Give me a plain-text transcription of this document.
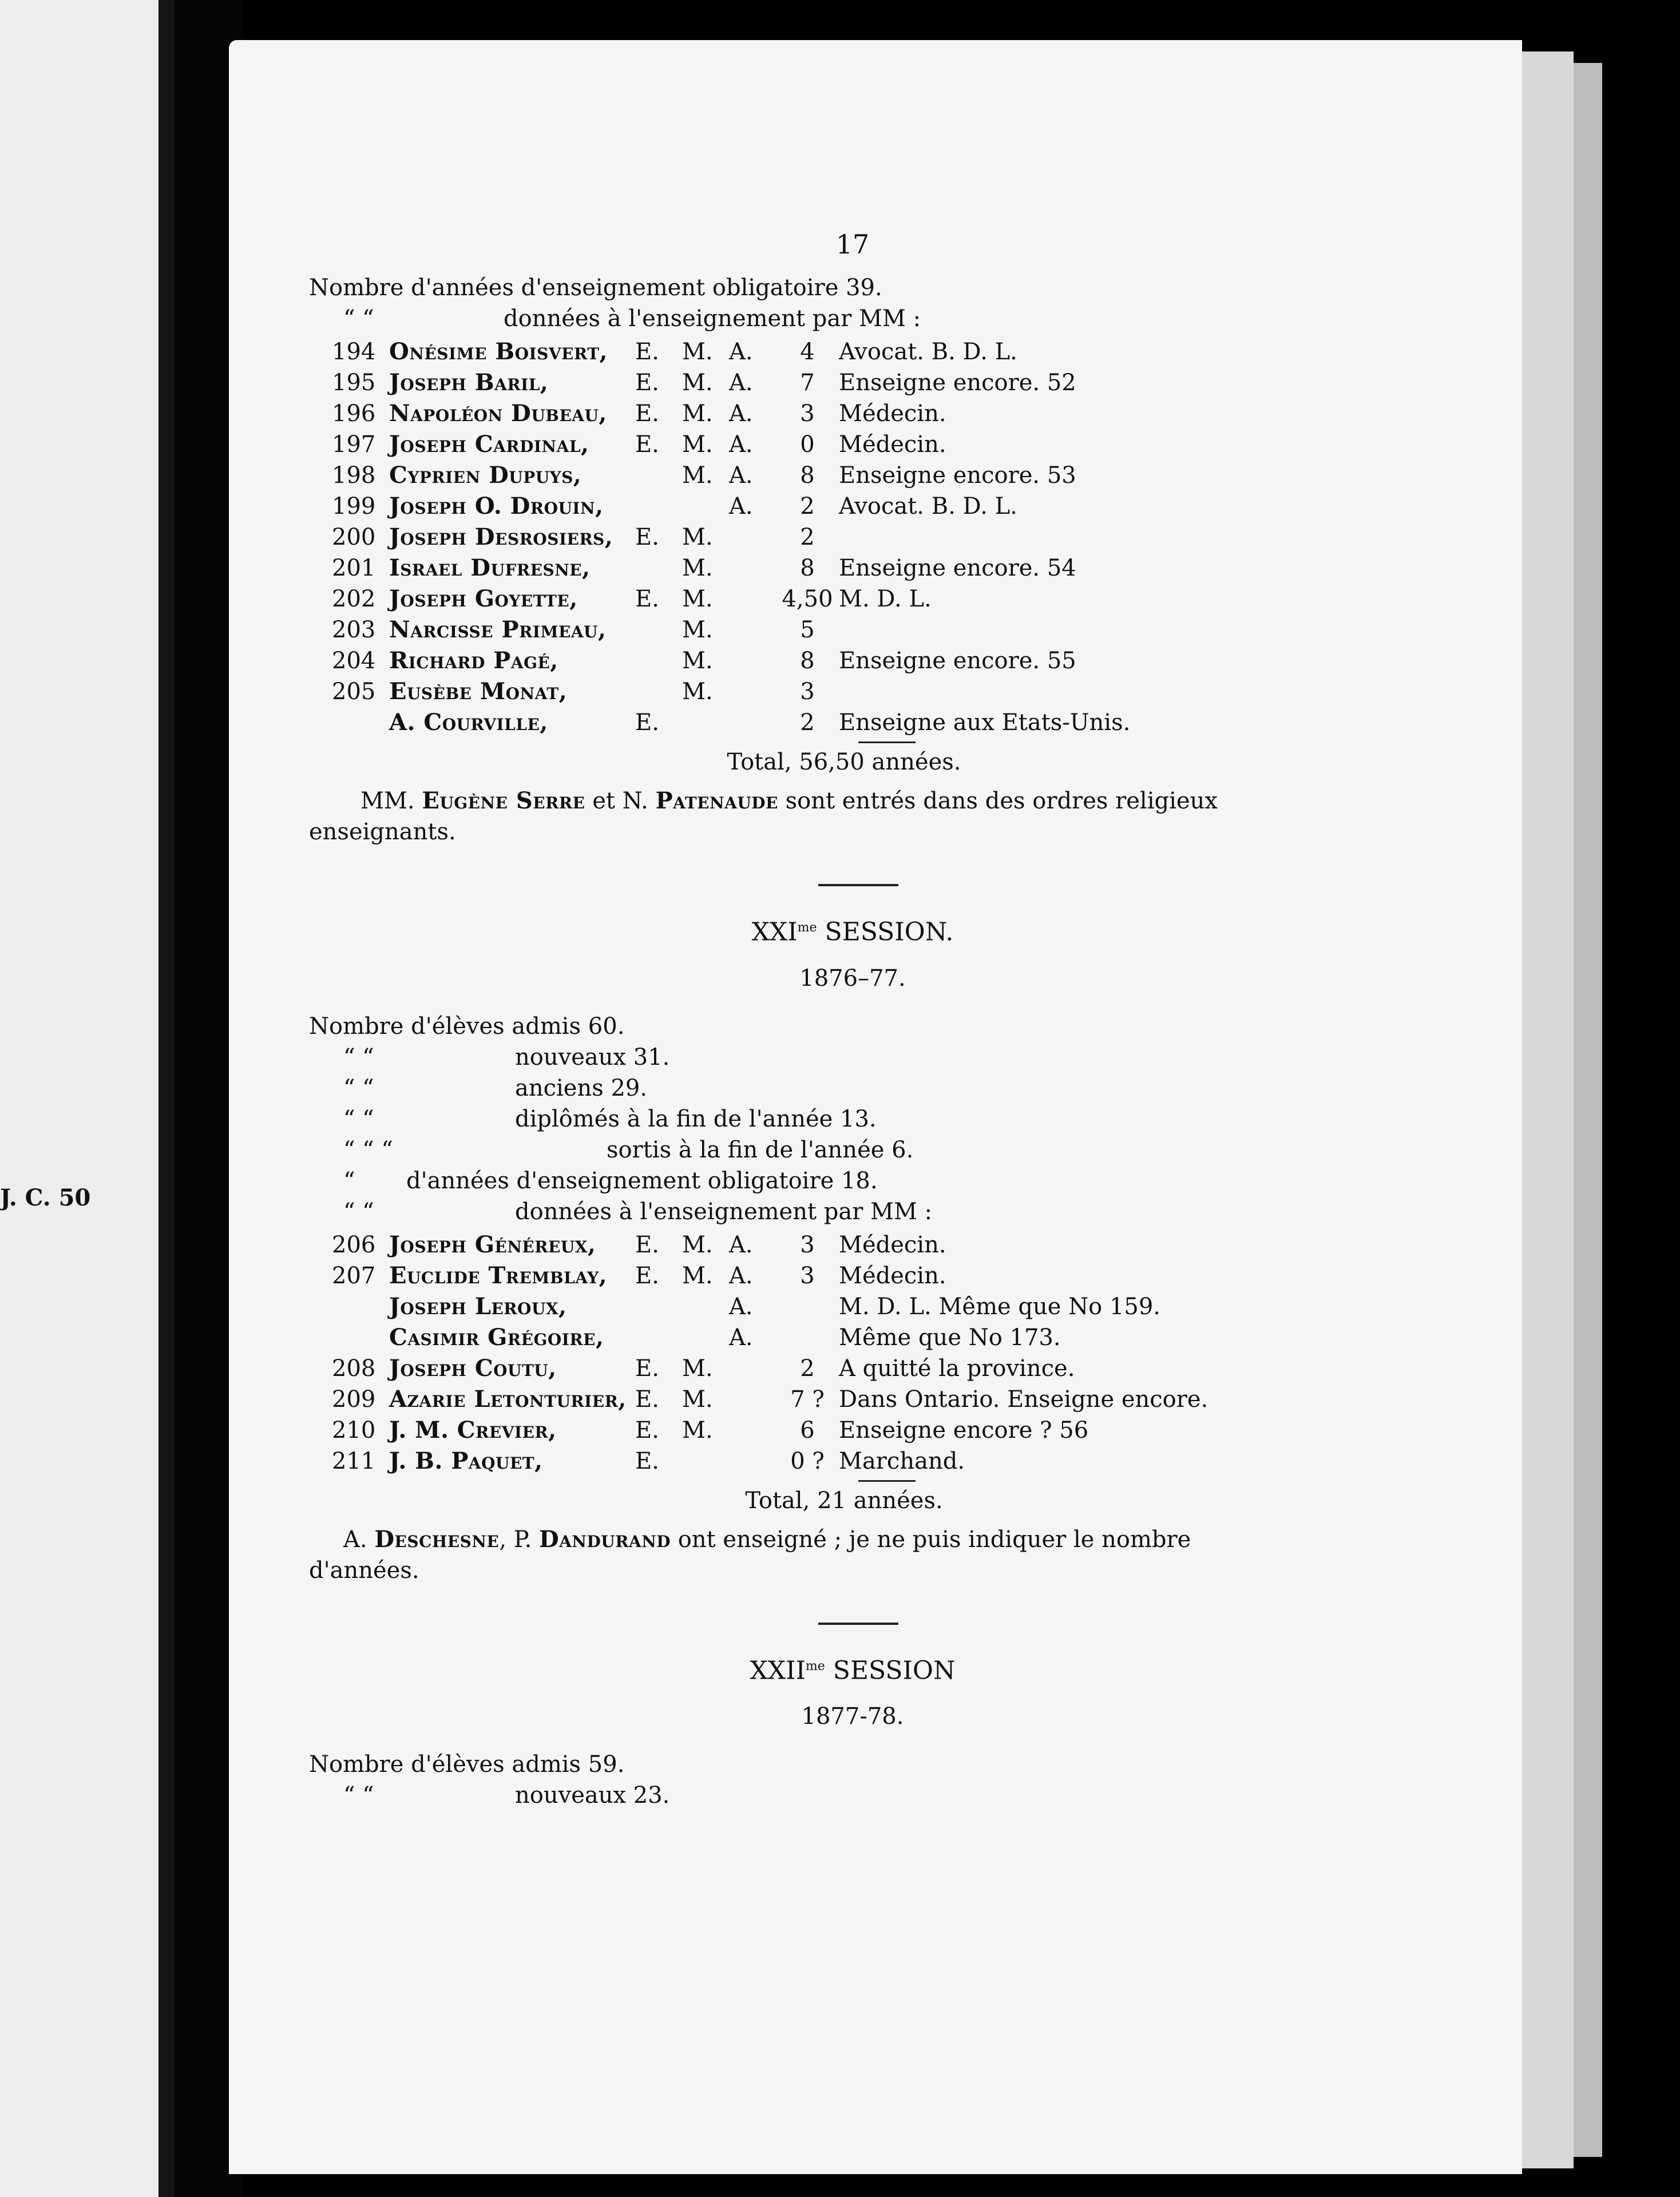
J. C. 50
17
Nombre d'années d'enseignement obligatoire 39.
“ “	données à l'enseignement par MM :
194	Onésime Boisvert,	E.	M.	A.	4	Avocat. B. D. L.
195	Joseph Baril,	E.	M.	A.	7	Enseigne encore. 52
196	Napoléon Dubeau,	E.	M.	A.	3	Médecin.
197	Joseph Cardinal,	E.	M.	A.	0	Médecin.
198	Cyprien Dupuys,		M.	A.	8	Enseigne encore. 53
199	Joseph O. Drouin,			A.	2	Avocat. B. D. L.
200	Joseph Desrosiers,	E.	M.		2	
201	Israel Dufresne,		M.		8	Enseigne encore. 54
202	Joseph Goyette,	E.	M.		4,50	M. D. L.
203	Narcisse Primeau,		M.		5	
204	Richard Pagé,		M.		8	Enseigne encore. 55
205	Eusèbe Monat,		M.		3	
	A. Courville,	E.			2	Enseigne aux Etats-Unis.
Total, 56,50 années.
MM. Eugène Serre et N. Patenaude sont entrés dans des ordres religieux enseignants.
$XXI^{me}$ SESSION.
1876–77.
Nombre d'élèves admis 60.
“ “	nouveaux 31.
“ “	anciens 29.
“ “	diplômés à la fin de l'année 13.
“ “ “	sortis à la fin de l'année 6.
“ d'années d'enseignement obligatoire 18.
“ “	données à l'enseignement par MM :
206	Joseph Généreux,	E.	M.	A.	3	Médecin.
207	Euclide Tremblay,	E.	M.	A.	3	Médecin.
	Joseph Leroux,			A.		M. D. L. Même que No 159.
	Casimir Grégoire,			A.		Même que No 173.
208	Joseph Coutu,	E.	M.		2	A quitté la province.
209	Azarie Letonturier,	E.	M.		7 ?	Dans Ontario. Enseigne encore.
210	J. M. Crevier,	E.	M.		6	Enseigne encore ? 56
211	J. B. Paquet,	E.			0 ?	Marchand.
Total, 21 années.
A. Deschesne, P. Dandurand ont enseigné ; je ne puis indiquer le nombre d'années.
$XXII^{me}$ SESSION
1877-78.
Nombre d'élèves admis 59.
“ “	nouveaux 23.
